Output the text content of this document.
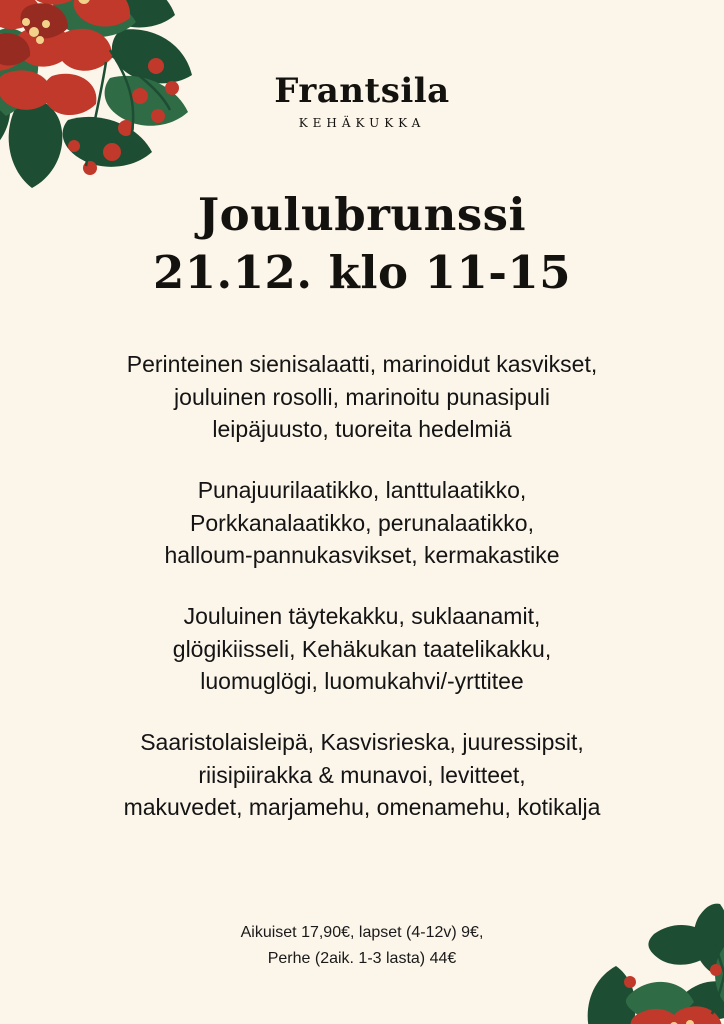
Frantsila
KEHÄKUKKA
Joulubrunssi
21.12. klo 11-15
Perinteinen sienisalaatti, marinoidut kasvikset,
jouluinen rosolli, marinoitu punasipuli
leipäjuusto, tuoreita hedelmiä
Punajuurilaatikko, lanttulaatikko,
Porkkanalaatikko, perunalaatikko,
halloum-pannukasvikset, kermakastike
Jouluinen täytekakku, suklaanamit,
glögikiisseli, Kehäkukan taatelikakku,
luomuglögi, luomukahvi/-yrttitee
Saaristolaisleipä, Kasvisrieska, juuressipsit,
riisipiirakka & munavoi, levitteet,
makuvedet, marjamehu, omenamehu, kotikalja
Aikuiset 17,90€, lapset (4-12v) 9€,
Perhe (2aik. 1-3 lasta) 44€
